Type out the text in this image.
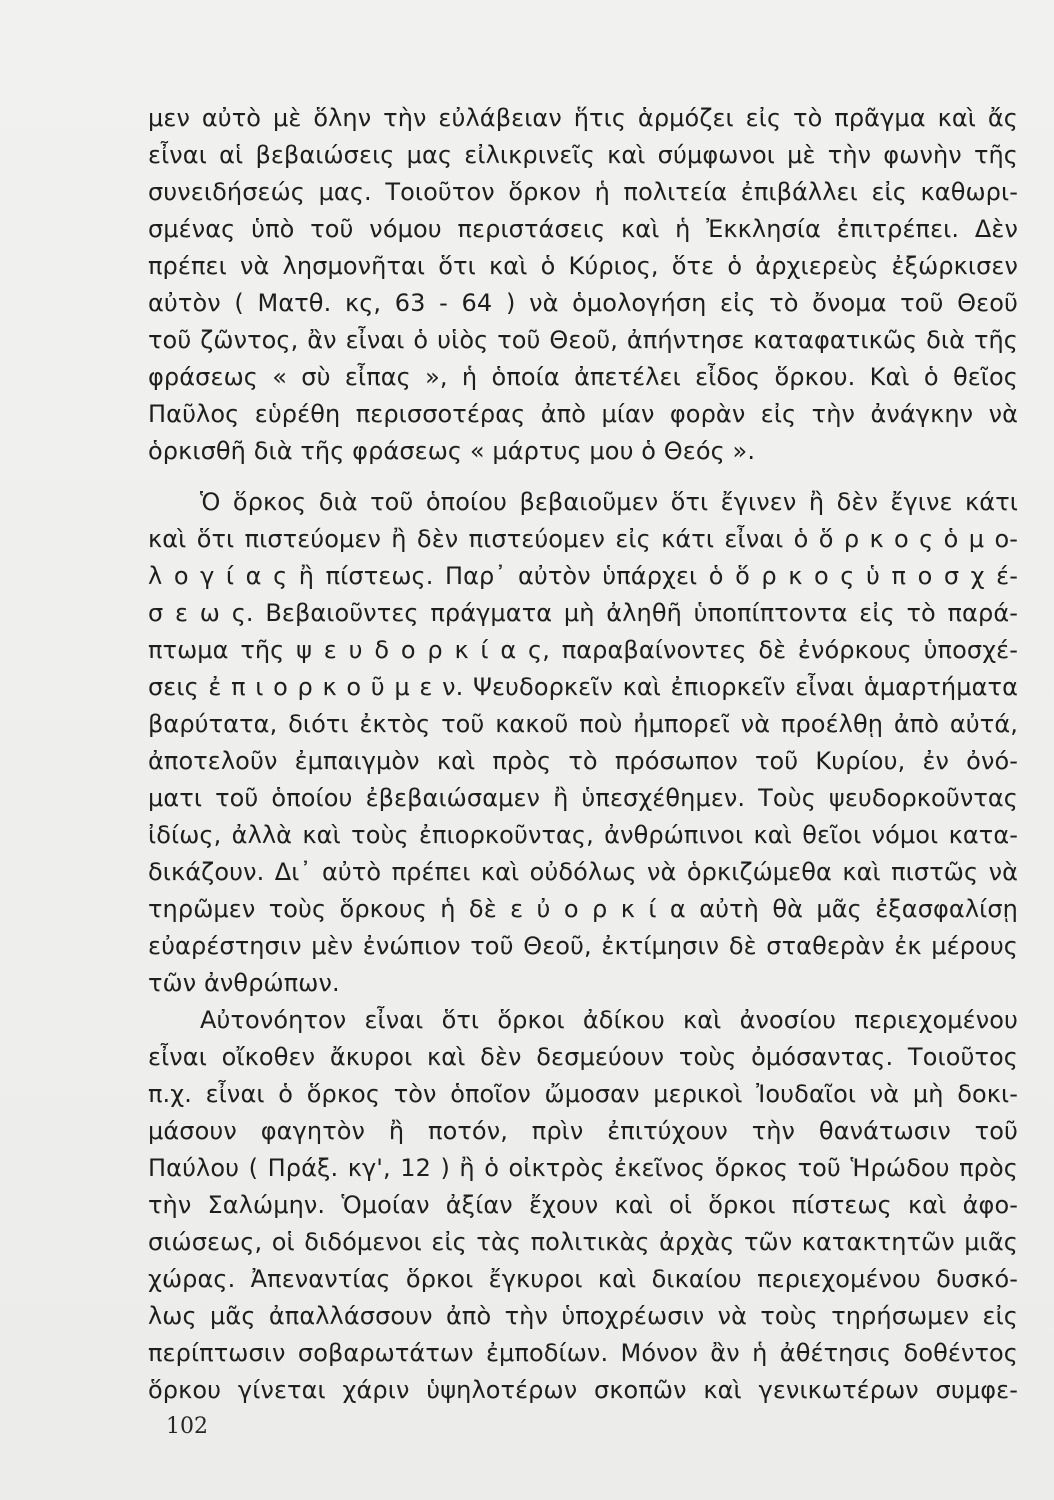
μεν αὐτὸ μὲ ὅλην τὴν εὐλάβειαν ἥτις ἁρμόζει εἰς τὸ πρᾶγμα καὶ ἄς
εἶναι αἱ βεβαιώσεις μας εἰλικρινεῖς καὶ σύμφωνοι μὲ τὴν φωνὴν τῆς
συνειδήσεώς μας. Τοιοῦτον ὅρκον ἡ πολιτεία ἐπιβάλλει εἰς καθωρι-
σμένας ὑπὸ τοῦ νόμου περιστάσεις καὶ ἡ Ἐκκλησία ἐπιτρέπει. Δὲν
πρέπει νὰ λησμονῆται ὅτι καὶ ὁ Κύριος, ὅτε ὁ ἀρχιερεὺς ἐξώρκισεν
αὐτὸν ( Ματθ. κς, 63 - 64 ) νὰ ὁμολογήση εἰς τὸ ὄνομα τοῦ Θεοῦ
τοῦ ζῶντος, ἂν εἶναι ὁ υἱὸς τοῦ Θεοῦ, ἀπήντησε καταφατικῶς διὰ τῆς
φράσεως « σὺ εἶπας », ἡ ὁποία ἀπετέλει εἶδος ὅρκου. Καὶ ὁ θεῖος
Παῦλος εὑρέθη περισσοτέρας ἀπὸ μίαν φορὰν εἰς τὴν ἀνάγκην νὰ
ὁρκισθῆ διὰ τῆς φράσεως « μάρτυς μου ὁ Θεός ».
Ὁ ὅρκος διὰ τοῦ ὁποίου βεβαιοῦμεν ὅτι ἔγινεν ἢ δὲν ἔγινε κάτι
καὶ ὅτι πιστεύομεν ἢ δὲν πιστεύομεν εἰς κάτι εἶναι ὁ ὅ ρ κ ο ς ὁ μ ο-
λ ο γ ί α ς ἢ πίστεως. Παρ᾽ αὐτὸν ὑπάρχει ὁ ὅ ρ κ ο ς ὑ π ο σ χ έ-
σ ε ω ς. Βεβαιοῦντες πράγματα μὴ ἀληθῆ ὑποπίπτοντα εἰς τὸ παρά-
πτωμα τῆς ψ ε υ δ ο ρ κ ί α ς, παραβαίνοντες δὲ ἐνόρκους ὑποσχέ-
σεις ἐ π ι ο ρ κ ο ῦ μ ε ν. Ψευδορκεῖν καὶ ἐπιορκεῖν εἶναι ἁμαρτήματα
βαρύτατα, διότι ἐκτὸς τοῦ κακοῦ ποὺ ἠμπορεῖ νὰ προέλθῃ ἀπὸ αὐτά,
ἀποτελοῦν ἐμπαιγμὸν καὶ πρὸς τὸ πρόσωπον τοῦ Κυρίου, ἐν ὀνό-
ματι τοῦ ὁποίου ἐβεβαιώσαμεν ἢ ὑπεσχέθημεν. Τοὺς ψευδορκοῦντας
ἰδίως, ἀλλὰ καὶ τοὺς ἐπιορκοῦντας, ἀνθρώπινοι καὶ θεῖοι νόμοι κατα-
δικάζουν. Δι᾽ αὐτὸ πρέπει καὶ οὐδόλως νὰ ὁρκιζώμεθα καὶ πιστῶς νὰ
τηρῶμεν τοὺς ὅρκους ἡ δὲ ε ὐ ο ρ κ ί α αὐτὴ θὰ μᾶς ἐξασφαλίσῃ
εὐαρέστησιν μὲν ἐνώπιον τοῦ Θεοῦ, ἐκτίμησιν δὲ σταθερὰν ἐκ μέρους
τῶν ἀνθρώπων.
Αὐτονόητον εἶναι ὅτι ὅρκοι ἀδίκου καὶ ἀνοσίου περιεχομένου
εἶναι οἴκοθεν ἄκυροι καὶ δὲν δεσμεύουν τοὺς ὀμόσαντας. Τοιοῦτος
π.χ. εἶναι ὁ ὅρκος τὸν ὁποῖον ὤμοσαν μερικοὶ Ἰουδαῖοι νὰ μὴ δοκι-
μάσουν φαγητὸν ἢ ποτόν, πρὶν ἐπιτύχουν τὴν θανάτωσιν τοῦ
Παύλου ( Πράξ. κγ', 12 ) ἢ ὁ οἰκτρὸς ἐκεῖνος ὅρκος τοῦ Ἡρώδου πρὸς
τὴν Σαλώμην. Ὁμοίαν ἀξίαν ἔχουν καὶ οἱ ὅρκοι πίστεως καὶ ἀφο-
σιώσεως, οἱ διδόμενοι εἰς τὰς πολιτικὰς ἀρχὰς τῶν κατακτητῶν μιᾶς
χώρας. Ἀπεναντίας ὅρκοι ἔγκυροι καὶ δικαίου περιεχομένου δυσκό-
λως μᾶς ἀπαλλάσσουν ἀπὸ τὴν ὑποχρέωσιν νὰ τοὺς τηρήσωμεν εἰς
περίπτωσιν σοβαρωτάτων ἐμποδίων. Μόνον ἂν ἡ ἀθέτησις δοθέντος
ὅρκου γίνεται χάριν ὑψηλοτέρων σκοπῶν καὶ γενικωτέρων συμφε-
102
